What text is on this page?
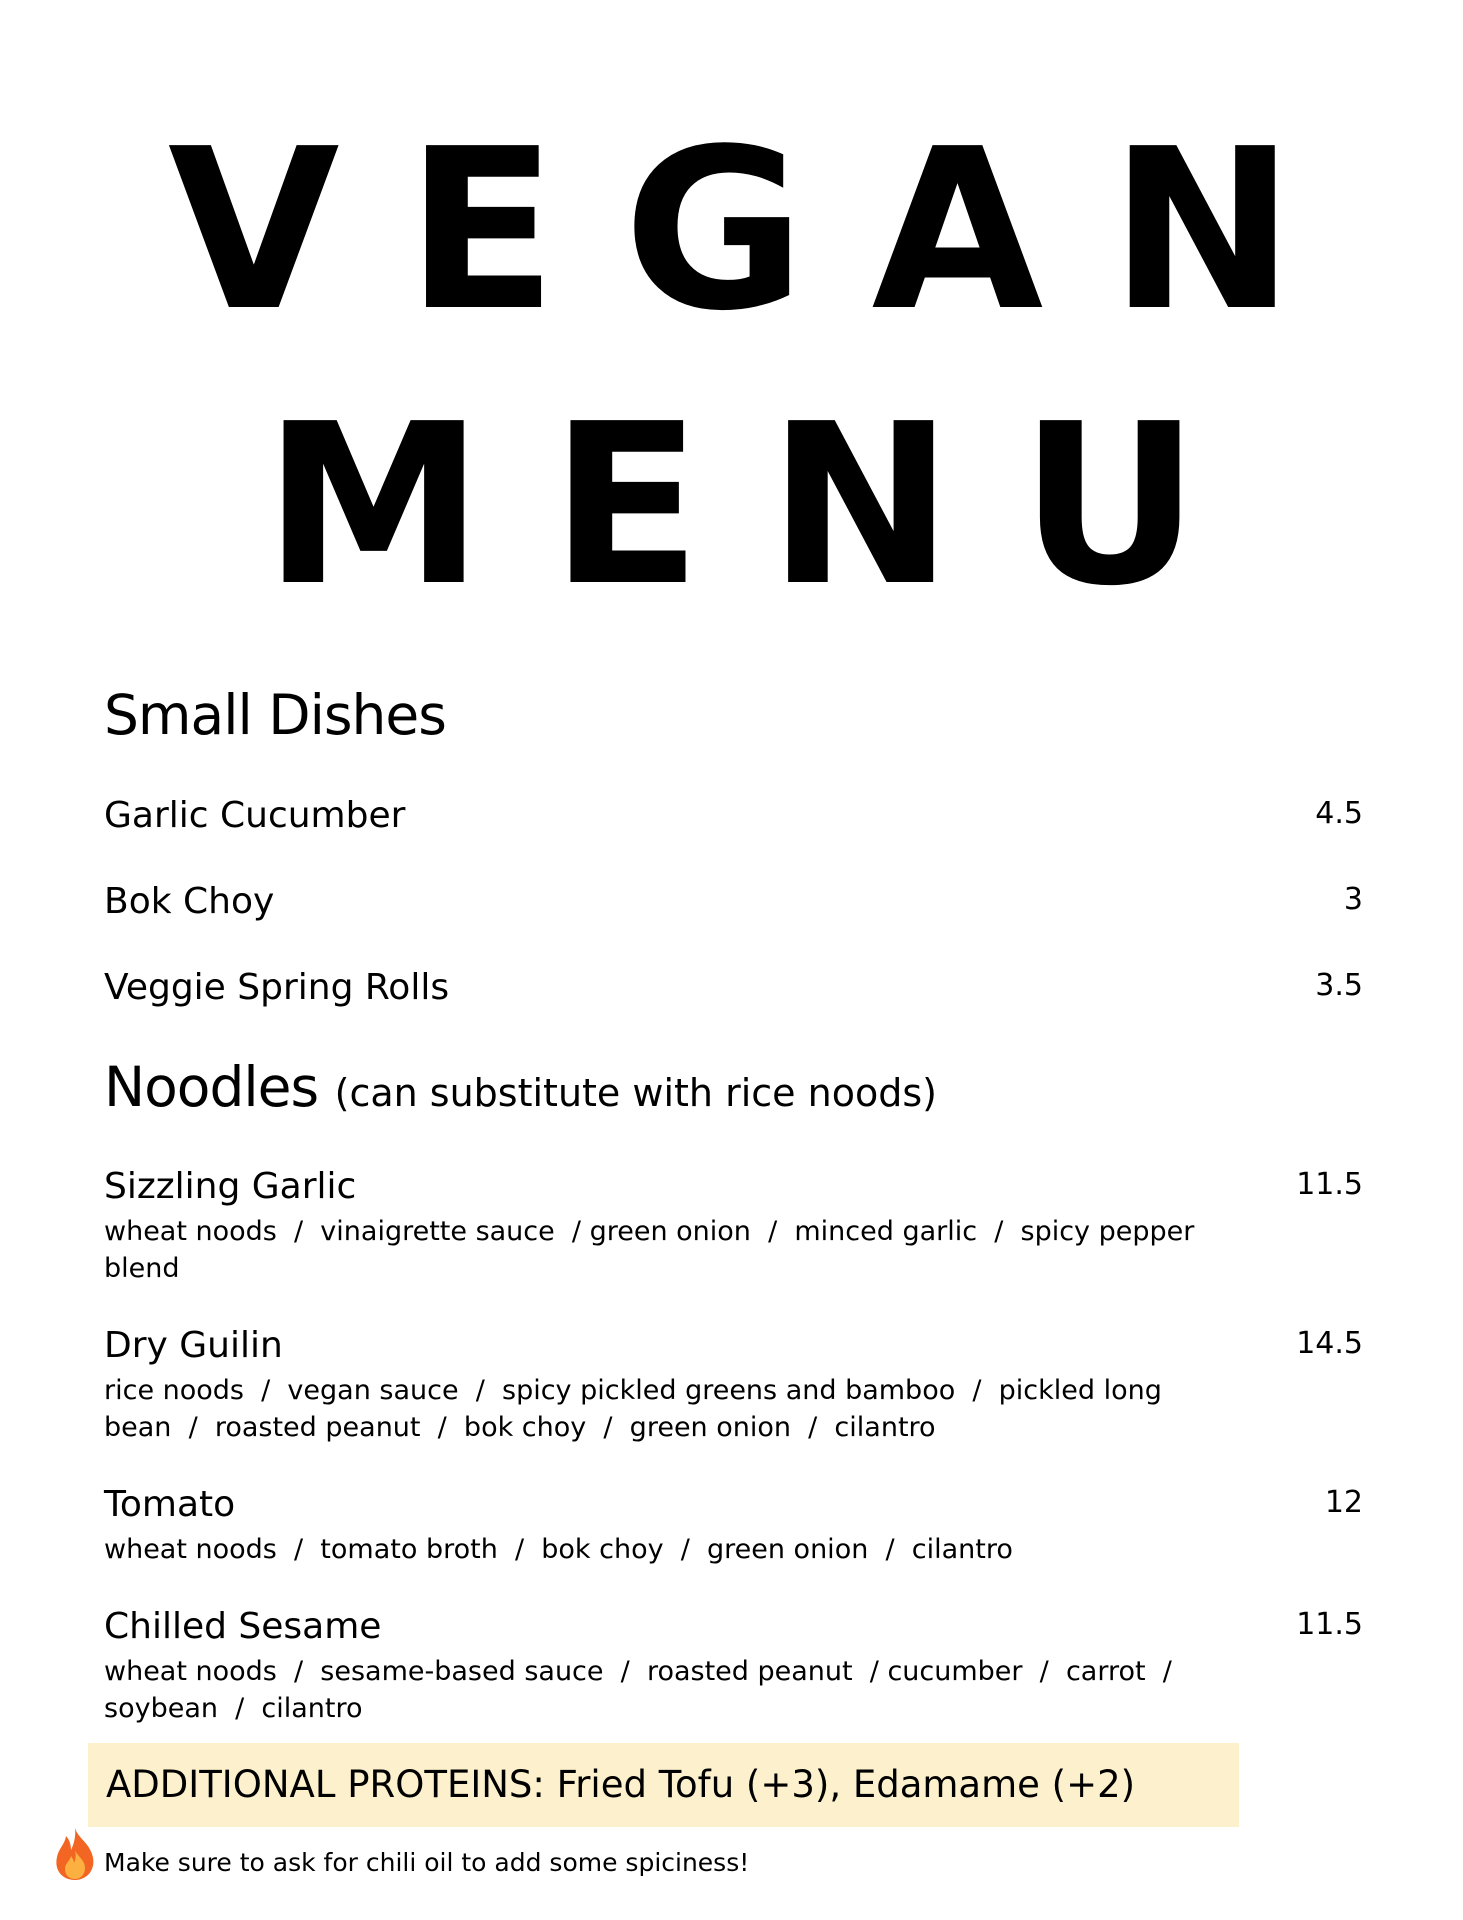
VEGAN
MENU
Small Dishes
Garlic Cucumber	4.5
Bok Choy	3
Veggie Spring Rolls	3.5
Noodles (can substitute with rice noods)
Sizzling Garlic	11.5
wheat noods  /  vinaigrette sauce  / green onion  /  minced garlic  /  spicy pepper blend
Dry Guilin	14.5
rice noods  /  vegan sauce  /  spicy pickled greens and bamboo  /  pickled long bean  /  roasted peanut  /  bok choy  /  green onion  /  cilantro
Tomato	12
wheat noods  /  tomato broth  /  bok choy  /  green onion  /  cilantro
Chilled Sesame	11.5
wheat noods  /  sesame-based sauce  /  roasted peanut  / cucumber  /  carrot  /  soybean  /  cilantro
ADDITIONAL PROTEINS: Fried Tofu (+3), Edamame (+2)
Make sure to ask for chili oil to add some spiciness!
